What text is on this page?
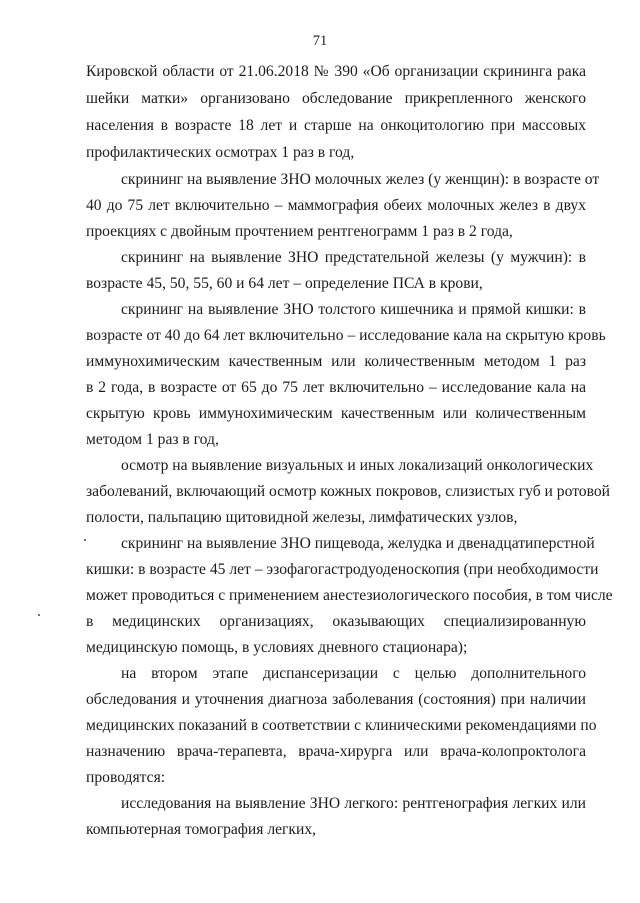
71
Кировской области от 21.06.2018 № 390 «Об организации скрининга рака
шейки матки» организовано обследование прикрепленного женского
населения в возрасте 18 лет и старше на онкоцитологию при массовых
профилактических осмотрах 1 раз в год,
скрининг на выявление ЗНО молочных желез (у женщин): в возрасте от
40 до 75 лет включительно – маммография обеих молочных желез в двух
проекциях с двойным прочтением рентгенограмм 1 раз в 2 года,
скрининг на выявление ЗНО предстательной железы (у мужчин): в
возрасте 45, 50, 55, 60 и 64 лет – определение ПСА в крови,
скрининг на выявление ЗНО толстого кишечника и прямой кишки: в
возрасте от 40 до 64 лет включительно – исследование кала на скрытую кровь
иммунохимическим качественным или количественным методом 1 раз
в 2 года, в возрасте от 65 до 75 лет включительно – исследование кала на
скрытую кровь иммунохимическим качественным или количественным
методом 1 раз в год,
осмотр на выявление визуальных и иных локализаций онкологических
заболеваний, включающий осмотр кожных покровов, слизистых губ и ротовой
полости, пальпацию щитовидной железы, лимфатических узлов,
скрининг на выявление ЗНО пищевода, желудка и двенадцатиперстной
кишки: в возрасте 45 лет – эзофагогастродуоденоскопия (при необходимости
может проводиться с применением анестезиологического пособия, в том числе
в медицинских организациях, оказывающих специализированную
медицинскую помощь, в условиях дневного стационара);
на втором этапе диспансеризации с целью дополнительного
обследования и уточнения диагноза заболевания (состояния) при наличии
медицинских показаний в соответствии с клиническими рекомендациями по
назначению врача-терапевта, врача-хирурга или врача-колопроктолога
проводятся:
исследования на выявление ЗНО легкого: рентгенография легких или
компьютерная томография легких,
